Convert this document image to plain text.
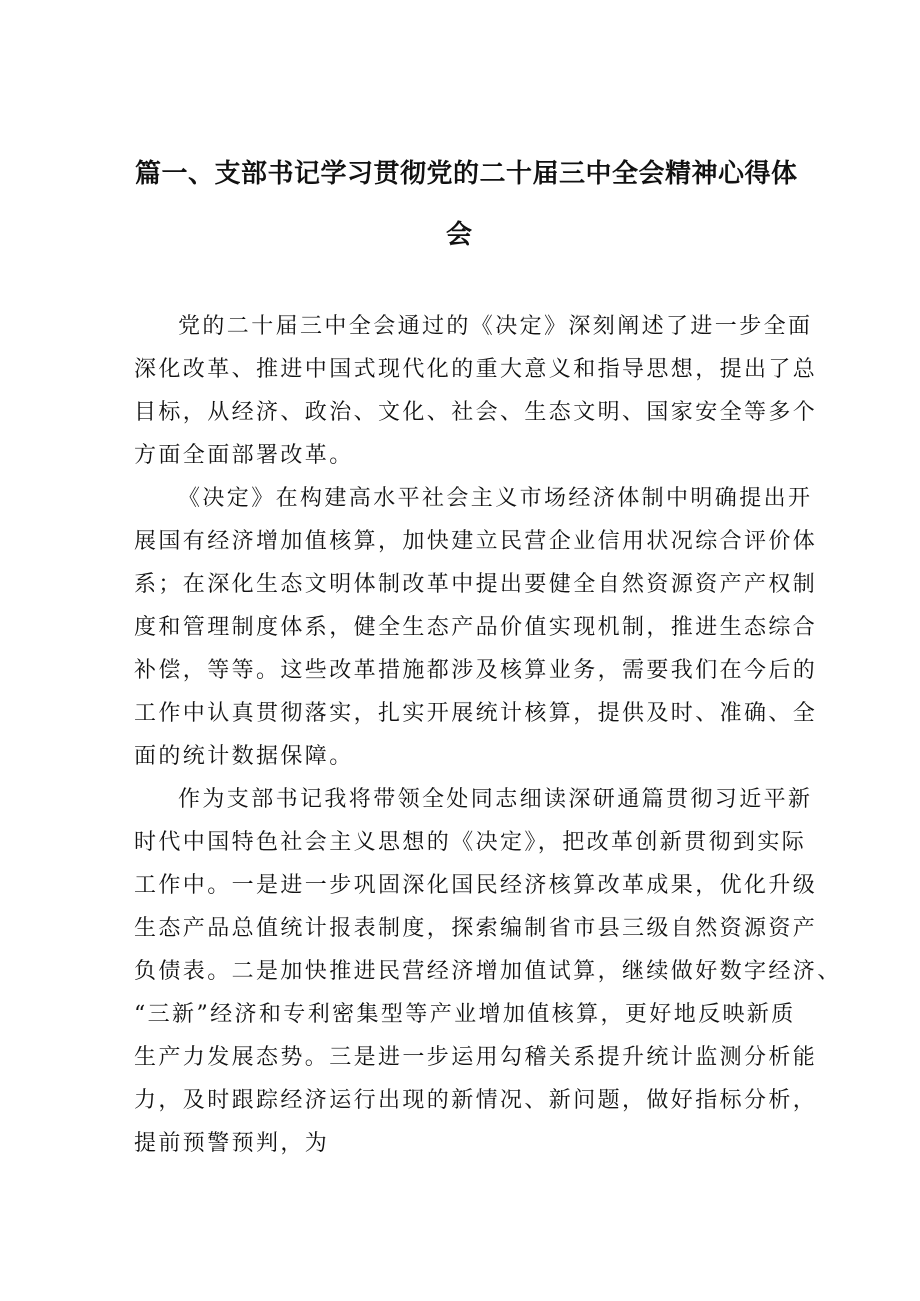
篇一、支部书记学习贯彻党的二十届三中全会精神心得体
会
党的二十届三中全会通过的《决定》深刻阐述了进一步全面
深化改革、推进中国式现代化的重大意义和指导思想，提出了总
目标，从经济、政治、文化、社会、生态文明、国家安全等多个
方面全面部署改革。
《决定》在构建高水平社会主义市场经济体制中明确提出开
展国有经济增加值核算，加快建立民营企业信用状况综合评价体
系；在深化生态文明体制改革中提出要健全自然资源资产产权制
度和管理制度体系，健全生态产品价值实现机制，推进生态综合
补偿，等等。这些改革措施都涉及核算业务，需要我们在今后的
工作中认真贯彻落实，扎实开展统计核算，提供及时、准确、全
面的统计数据保障。
作为支部书记我将带领全处同志细读深研通篇贯彻习近平新
时代中国特色社会主义思想的《决定》，把改革创新贯彻到实际
工作中。一是进一步巩固深化国民经济核算改革成果，优化升级
生态产品总值统计报表制度，探索编制省市县三级自然资源资产
负债表。二是加快推进民营经济增加值试算，继续做好数字经济、
“三新”经济和专利密集型等产业增加值核算，更好地反映新质
生产力发展态势。三是进一步运用勾稽关系提升统计监测分析能
力，及时跟踪经济运行出现的新情况、新问题，做好指标分析，
提前预警预判，为
